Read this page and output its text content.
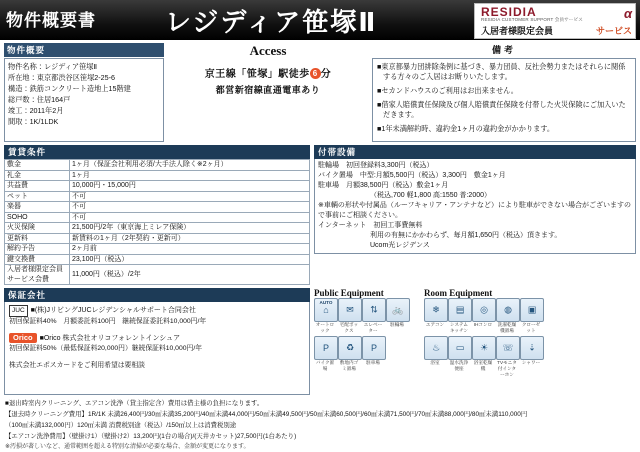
物件概要書	レジディア笹塚Ⅱ	RESIDIA
RESIDIA CUSTOMER SUPPORT 会員サービス
入居者様限定会員
α
サービス
物件概要
物件名称：レジディア笹塚Ⅱ
所在地：東京都渋谷区笹塚2-25-6
構造：鉄筋コンクリート造地上15階建
総戸数：住居164戸
竣工：2011年2月
間取：1K/1LDK
Access
京王線「笹塚」駅徒歩 6 分
都営新宿線直通電車あり
備考

■東京都暴力団排除条例に基づき、暴力団員、反社会勢力またはそれらに関係する方々のご入居はお断りいたします。

■セカンドハウスのご利用はお出来ません。

■借家人賠償責任保険及び個人賠償責任保険を付帯した火災保険にご加入いただきます。

■1年未満解約時、違約金1ヶ月の違約金がかかります。

賃貸条件
敷金	1ヶ月（保証会社利用必須/大手法人除く※2ヶ月）
礼金	1ヶ月
共益費	10,000円・15,000円
ペット	不可
楽器	不可
SOHO	不可
火災保険	21,500円/2年（東京海上ミレア保険）
更新料	新賃料の1ヶ月（2年契約・更新可）
解約予告	2ヶ月前
鍵交換費	23,100円（税込）
入居者様限定会員サービス会費	11,000円（税込）/2年
付帯設備
駐輪場　初回登録料3,300円（税込）
バイク置場　中型:月額5,500円（税込）3,300円　敷金1ヶ月
駐車場　月額38,500円（税込）敷金1ヶ月
（税込,700 軽1,800 高:1550 普:2000）
※車輌の形状や付属品（ルーフキャリア・アンテナなど）により駐車ができない場合がございますので事前にご相談ください。
インターネット　初回工事費無料
利用の有無にかかわらず、毎月額1,650円（税込）頂きます。
Ucom光レジデンス
保証会社
JUC ■(株)JリビングJUCレジデンシャルサポート合同会社
初回保証料40%　月額委託料100円　継続保証委託料10,000円/年
Orico ■Orico 株式会社オリコフォレントインシュア
初回保証料50%（最低保証料20,000円）継続保証料10,000円/年
株式会社エポスカードをご利用希望は要相談
Public Equipment
AUTO
⌂
オートロック
✉
宅配ボックス
⇅
エレベーター
🚲
駐輪場
P
バイク置場
♻
敷地内ゴミ置場
P
駐車場
Room Equipment
❄
エアコン
▤
システムキッチン
◎
IHコンロ
◍
洗濯乾燥機置場
▣
クローゼット
♨
浴室
▭
温水洗浄便座
☀
浴室乾燥機
☏
TVモニタ付インターホン
⇣
シャワー

■退出時室内クリーニング、エアコン洗浄（貸主指定含）費用は借主様の負担になります。

【退去時クリーニング費用】1R/1K 未満26,400円/30㎡未満35,200円/40㎡未満44,000円/50㎡未満49,500円/50㎡未満60,500円/60㎡未満71,500円/70㎡未満88,000円/80㎡未満110,000円

（100㎡未満132,000円）120㎡未満 消費税別途（税込）/150㎡以上は消費税別途

【エアコン洗浄費用】（壁掛け1）（壁掛け2）13,200円(1台の場合)/(天井カセット)27,500円(1台あたり)

※汚損が著しいなど、通常範囲を超える特別な清掃が必要な場合、金額が変更になります。
